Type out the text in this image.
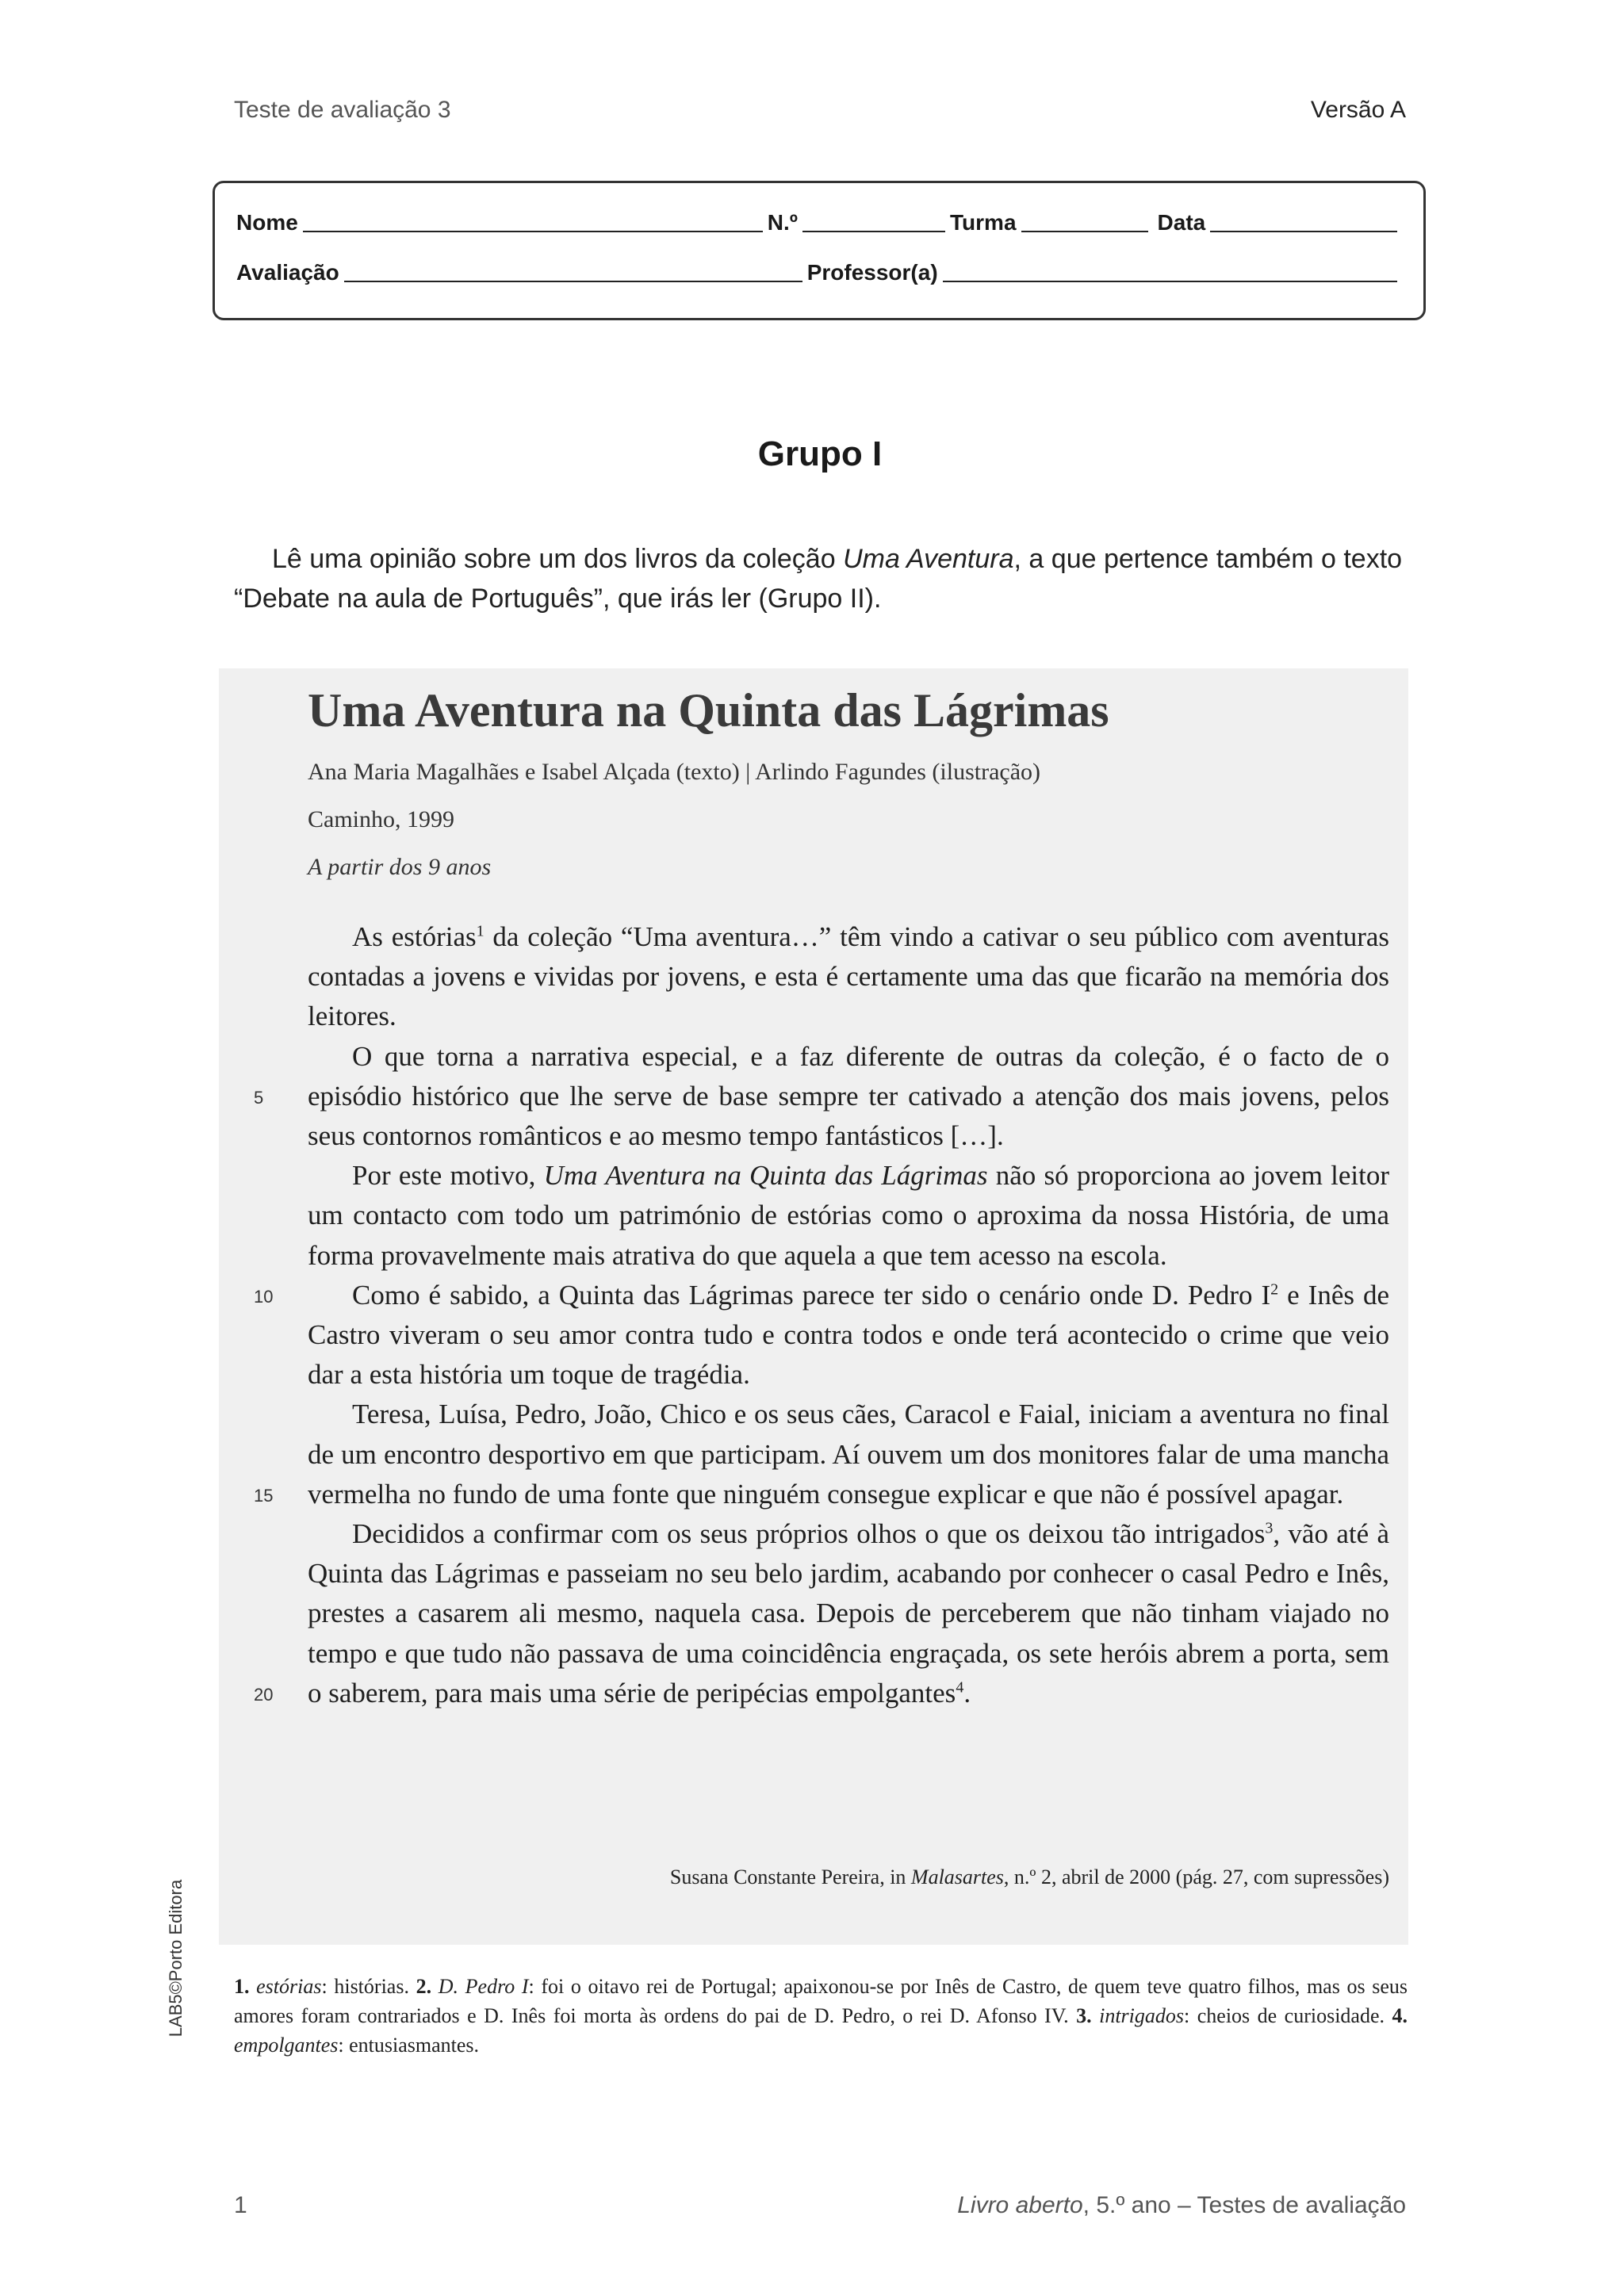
Teste de avaliação 3	Versão A
Nome	N.º	Turma	Data
Avaliação	Professor(a)
Grupo I
Lê uma opinião sobre um dos livros da coleção Uma Aventura, a que pertence também o texto “Debate na aula de Português”, que irás ler (Grupo II).
Uma Aventura na Quinta das Lágrimas
Ana Maria Magalhães e Isabel Alçada (texto) | Arlindo Fagundes (ilustração)
Caminho, 1999
A partir dos 9 anos

As estórias$^1$ da coleção “Uma aventura…” têm vindo a cativar o seu público com aventuras contadas a jovens e vividas por jovens, e esta é certamente uma das que ficarão na memória dos leitores.

O que torna a narrativa especial, e a faz diferente de outras da coleção, é o facto de o episódio histórico que lhe serve de base sempre ter cativado a atenção dos mais jovens, pelos seus contornos românticos e ao mesmo tempo fantásticos […].

Por este motivo, Uma Aventura na Quinta das Lágrimas não só proporciona ao jovem leitor um contacto com todo um património de estórias como o aproxima da nossa História, de uma forma provavelmente mais atrativa do que aquela a que tem acesso na escola.

Como é sabido, a Quinta das Lágrimas parece ter sido o cenário onde D. Pedro $I^2$ e Inês de Castro viveram o seu amor contra tudo e contra todos e onde terá acontecido o crime que veio dar a esta história um toque de tragédia.

Teresa, Luísa, Pedro, João, Chico e os seus cães, Caracol e Faial, iniciam a aventura no final de um encontro desportivo em que participam. Aí ouvem um dos monitores falar de uma mancha vermelha no fundo de uma fonte que ninguém consegue explicar e que não é possível apagar.

Decididos a confirmar com os seus próprios olhos o que os deixou tão intrigados$^3$, vão até à Quinta das Lágrimas e passeiam no seu belo jardim, acabando por conhecer o casal Pedro e Inês, prestes a casarem ali mesmo, naquela casa. Depois de perceberem que não tinham viajado no tempo e que tudo não passava de uma coincidência engraçada, os sete heróis abrem a porta, sem o saberem, para mais uma série de peripécias empolgantes$^4$.

5
10
15
20
Susana Constante Pereira, in Malasartes, n.º 2, abril de 2000 (pág. 27, com supressões)
1. estórias: histórias. 2. D. Pedro I: foi o oitavo rei de Portugal; apaixonou-se por Inês de Castro, de quem teve quatro filhos, mas os seus amores foram contrariados e D. Inês foi morta às ordens do pai de D. Pedro, o rei D. Afonso IV. 3. intrigados: cheios de curiosidade. 4. empolgantes: entusiasmantes.
LAB5©Porto Editora
1	Livro aberto, 5.º ano – Testes de avaliação
